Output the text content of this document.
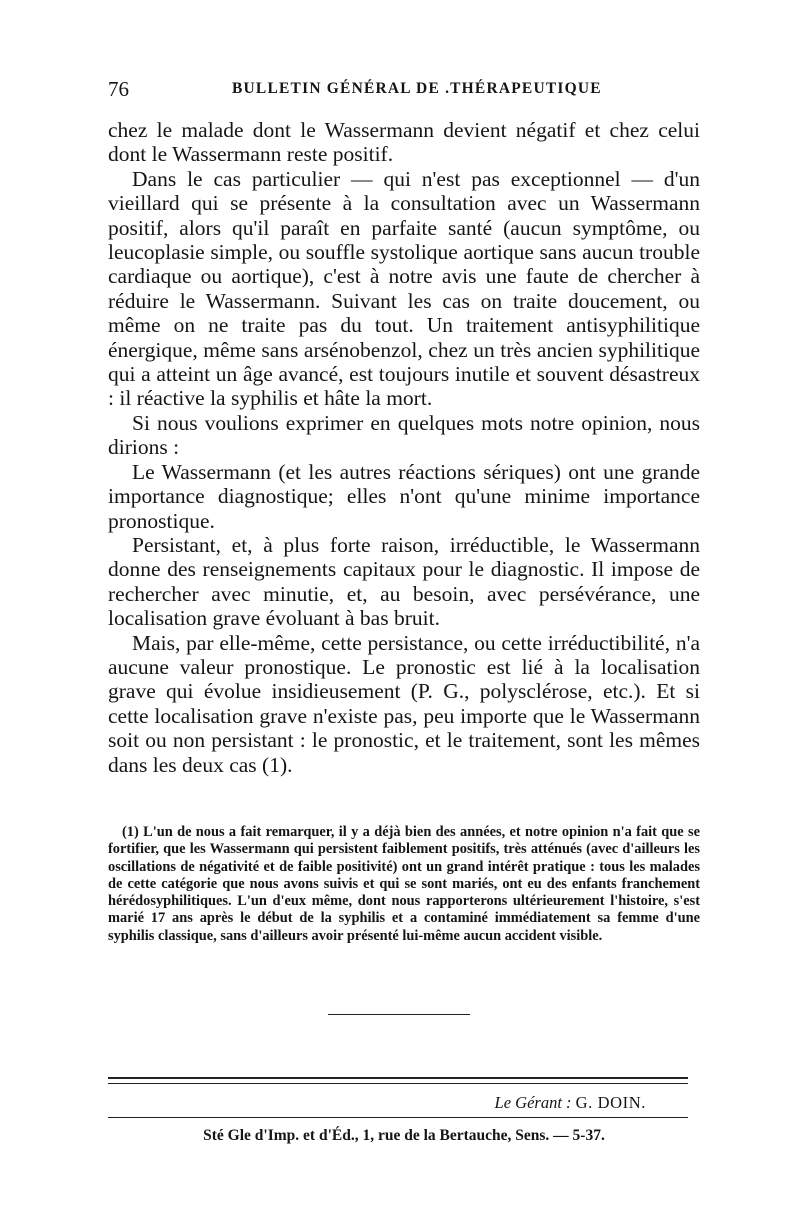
76	BULLETIN GÉNÉRAL DE .THÉRAPEUTIQUE

chez le malade dont le Wassermann devient négatif et chez celui dont le Wassermann reste positif.

Dans le cas particulier — qui n'est pas exceptionnel — d'un vieillard qui se présente à la consultation avec un Wassermann positif, alors qu'il paraît en parfaite santé (aucun symptôme, ou leucoplasie simple, ou souffle systolique aortique sans aucun trouble cardiaque ou aortique), c'est à notre avis une faute de chercher à réduire le Wassermann. Suivant les cas on traite doucement, ou même on ne traite pas du tout. Un traitement antisyphilitique énergique, même sans arsénobenzol, chez un très ancien syphilitique qui a atteint un âge avancé, est toujours inutile et souvent désastreux : il réactive la syphilis et hâte la mort.

Si nous voulions exprimer en quelques mots notre opinion, nous dirions :

Le Wassermann (et les autres réactions sériques) ont une grande importance diagnostique; elles n'ont qu'une minime importance pronostique.

Persistant, et, à plus forte raison, irréductible, le Wassermann donne des renseignements capitaux pour le diagnostic. Il impose de rechercher avec minutie, et, au besoin, avec persévérance, une localisation grave évoluant à bas bruit.

Mais, par elle-même, cette persistance, ou cette irréductibilité, n'a aucune valeur pronostique. Le pronostic est lié à la localisation grave qui évolue insidieusement (P. G., polysclérose, etc.). Et si cette localisation grave n'existe pas, peu importe que le Wassermann soit ou non persistant : le pronostic, et le traitement, sont les mêmes dans les deux cas (1).

(1) L'un de nous a fait remarquer, il y a déjà bien des années, et notre opinion n'a fait que se fortifier, que les Wassermann qui persistent faiblement positifs, très atténués (avec d'ailleurs les oscillations de négativité et de faible positivité) ont un grand intérêt pratique : tous les malades de cette catégorie que nous avons suivis et qui se sont mariés, ont eu des enfants franchement hérédosyphilitiques. L'un d'eux même, dont nous rapporterons ultérieurement l'histoire, s'est marié 17 ans après le début de la syphilis et a contaminé immédiatement sa femme d'une syphilis classique, sans d'ailleurs avoir présenté lui-même aucun accident visible.

Le Gérant : G. DOIN.
Sté Gle d'Imp. et d'Éd., 1, rue de la Bertauche, Sens. — 5-37.
